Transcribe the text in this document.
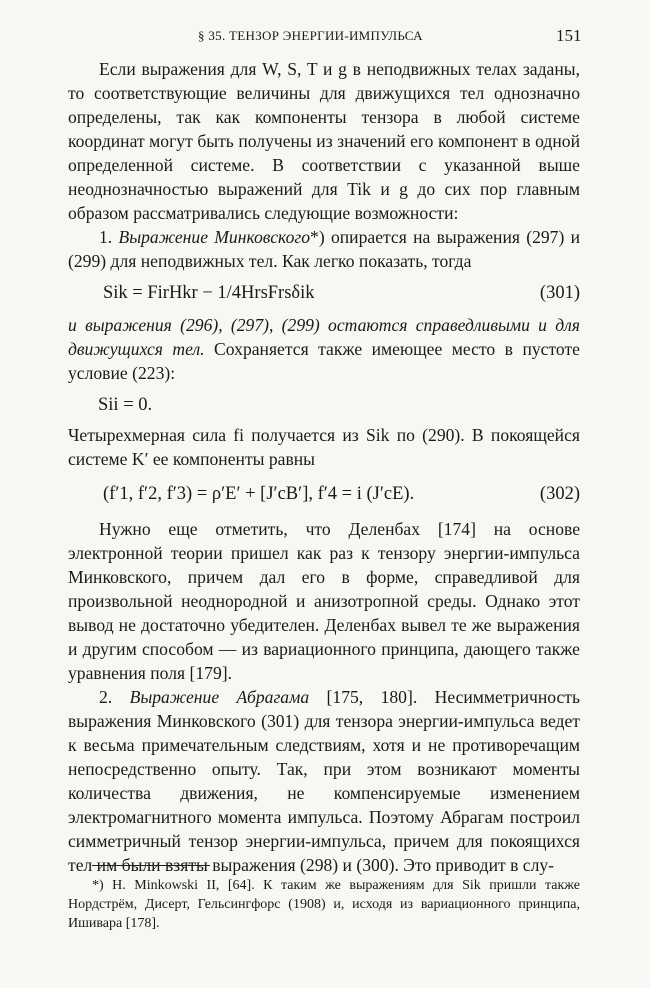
§ 35. ТЕНЗОР ЭНЕРГИИ-ИМПУЛЬСА	151

Если выражения для W, S, T и g в неподвижных телах заданы, то соответствующие величины для движущихся тел однозначно определены, так как компоненты тензора в любой системе координат могут быть получены из значений его компонент в одной определенной системе. В соответствии с указанной выше неоднозначностью выражений для Tik и g до сих пор главным образом рассматривались следующие возможности:

1. Выражение Минковского*) опирается на выражения (297) и (299) для неподвижных тел. Как легко показать, тогда

Sik = FirHkr − 1/4HrsFrsδik	(301)

и выражения (296), (297), (299) остаются справедливыми и для движущихся тел. Сохраняется также имеющее место в пустоте условие (223):

Sii = 0.

Четырехмерная сила fi получается из Sik по (290). В покоящейся системе K′ ее компоненты равны

(f′1, f′2, f′3) = ρ′E′ + [J′cB′], f′4 = i (J′cE).	(302)

Нужно еще отметить, что Деленбах [174] на основе электронной теории пришел как раз к тензору энергии-импульса Минковского, причем дал его в форме, справедливой для произвольной неоднородной и анизотропной среды. Однако этот вывод не достаточно убедителен. Деленбах вывел те же выражения и другим способом — из вариационного принципа, дающего также уравнения поля [179].

2. Выражение Абрагама [175, 180]. Несимметричность выражения Минковского (301) для тензора энергии-импульса ведет к весьма примечательным следствиям, хотя и не противоречащим непосредственно опыту. Так, при этом возникают моменты количества движения, не компенсируемые изменением электромагнитного момента импульса. Поэтому Абрагам построил симметричный тензор энергии-импульса, причем для покоящихся тел им были взяты выражения (298) и (300). Это приводит в слу-

*) H. Minkowski II, [64]. К таким же выражениям для Sik пришли также Нордстрём, Дисерт, Гельсингфорс (1908) и, исходя из вариационного принципа, Ишивара [178].
